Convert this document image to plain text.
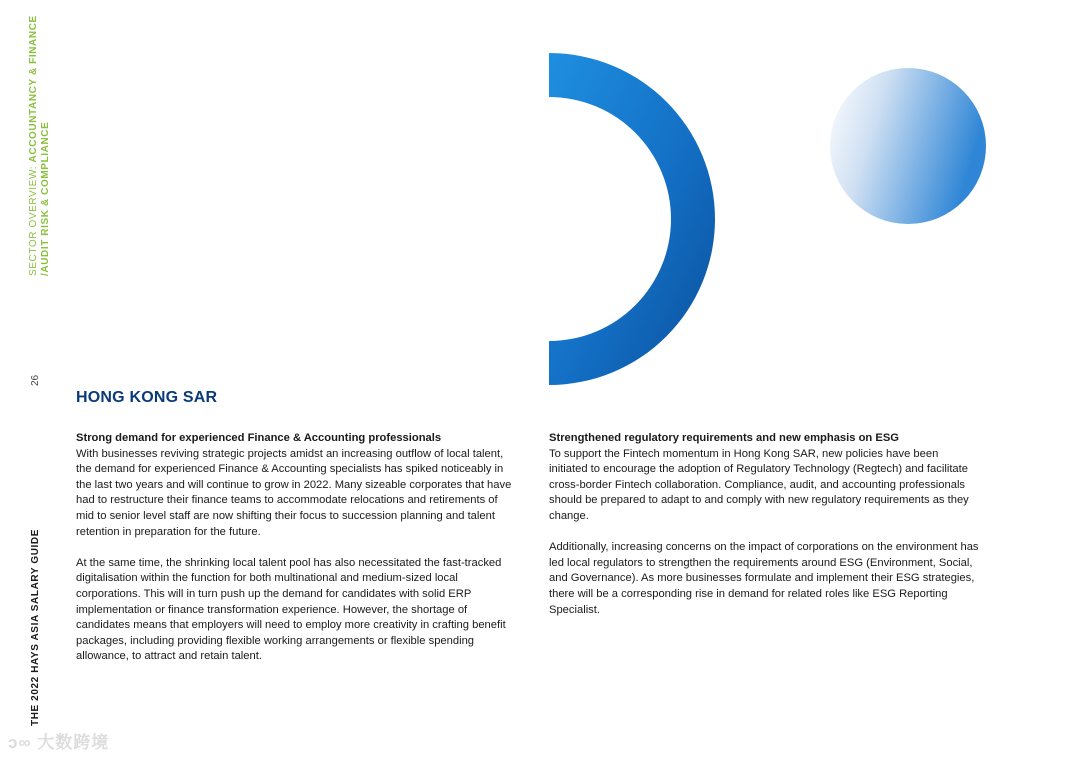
SECTOR OVERVIEW: ACCOUNTANCY & FINANCE
/AUDIT RISK & COMPLIANCE
26
THE 2022 HAYS ASIA SALARY GUIDE
HONG KONG SAR
Strong demand for experienced Finance & Accounting professionals

With businesses reviving strategic projects amidst an increasing outflow of local talent, the demand for experienced Finance & Accounting specialists has spiked noticeably in the last two years and will continue to grow in 2022. Many sizeable corporates that have had to restructure their finance teams to accommodate relocations and retirements of mid to senior level staff are now shifting their focus to succession planning and talent retention in preparation for the future.

At the same time, the shrinking local talent pool has also necessitated the fast-tracked digitalisation within the function for both multinational and medium-sized local corporations. This will in turn push up the demand for candidates with solid ERP implementation or finance transformation experience. However, the shortage of candidates means that employers will need to employ more creativity in crafting benefit packages, including providing flexible working arrangements or flexible spending allowance, to attract and retain talent.

Strengthened regulatory requirements and new emphasis on ESG

To support the Fintech momentum in Hong Kong SAR, new policies have been initiated to encourage the adoption of Regulatory Technology (Regtech) and facilitate cross-border Fintech collaboration. Compliance, audit, and accounting professionals should be prepared to adapt to and comply with new regulatory requirements as they change.

Additionally, increasing concerns on the impact of corporations on the environment has led local regulators to strengthen the requirements around ESG (Environment, Social, and Governance). As more businesses formulate and implement their ESG strategies, there will be a corresponding rise in demand for related roles like ESG Reporting Specialist.

ↄ∞ 大数跨境
